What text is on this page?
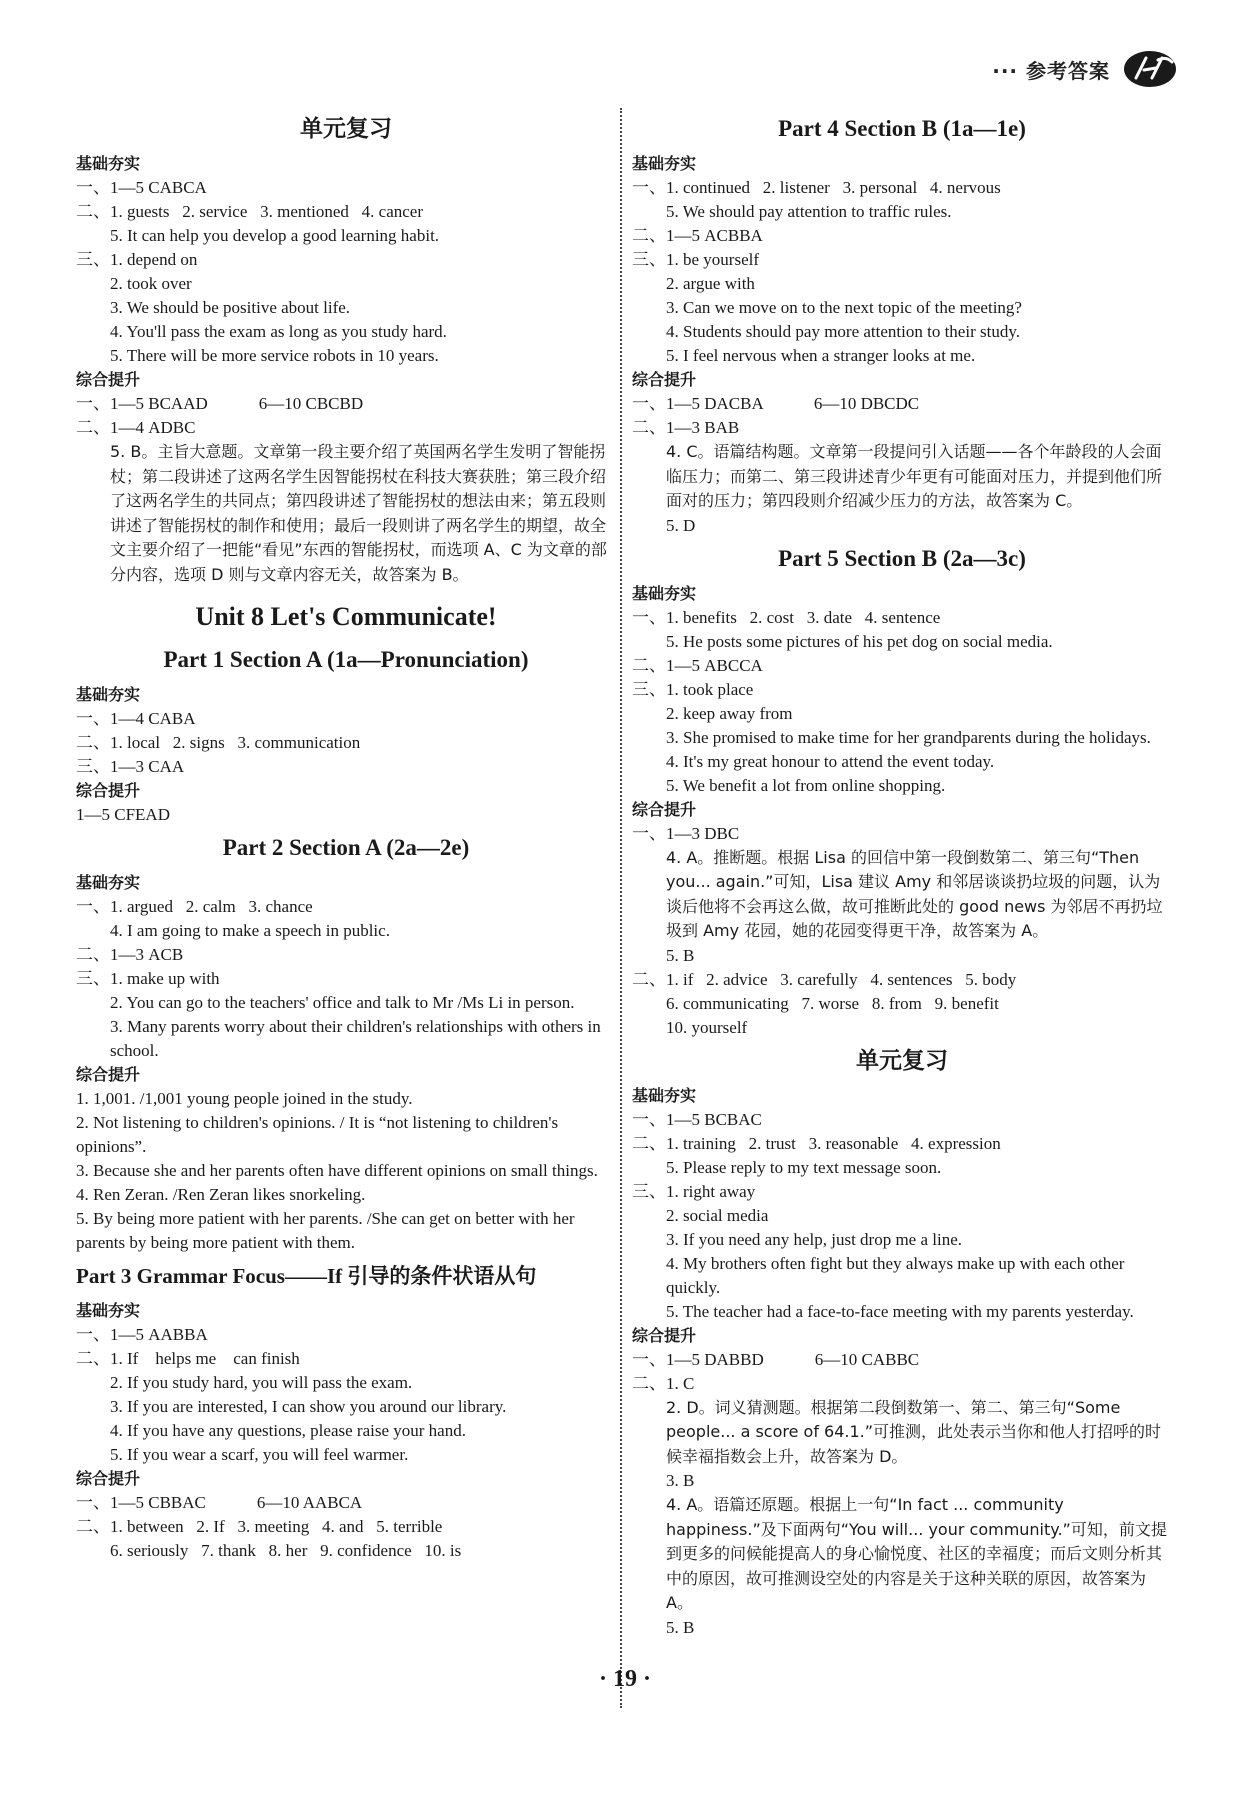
··· 参考答案
单元复习
基础夯实
一、1—5 CABCA
二、1. guests   2. service   3. mentioned   4. cancer
5. It can help you develop a good learning habit.
三、1. depend on
2. took over
3. We should be positive about life.
4. You'll pass the exam as long as you study hard.
5. There will be more service robots in 10 years.
综合提升
一、1—5 BCAAD            6—10 CBCBD
二、1—4 ADBC
5. B。主旨大意题。文章第一段主要介绍了英国两名学生发明了智能拐杖；第二段讲述了这两名学生因智能拐杖在科技大赛获胜；第三段介绍了这两名学生的共同点；第四段讲述了智能拐杖的想法由来；第五段则讲述了智能拐杖的制作和使用；最后一段则讲了两名学生的期望，故全文主要介绍了一把能“看见”东西的智能拐杖，而选项 A、C 为文章的部分内容，选项 D 则与文章内容无关，故答案为 B。
Unit 8 Let's Communicate!
Part 1 Section A (1a—Pronunciation)
基础夯实
一、1—4 CABA
二、1. local   2. signs   3. communication
三、1—3 CAA
综合提升
1—5 CFEAD
Part 2 Section A (2a—2e)
基础夯实
一、1. argued   2. calm   3. chance
4. I am going to make a speech in public.
二、1—3 ACB
三、1. make up with
2. You can go to the teachers' office and talk to Mr /Ms Li in person.
3. Many parents worry about their children's relationships with others in school.
综合提升
1. 1,001. /1,001 young people joined in the study.
2. Not listening to children's opinions. / It is “not listening to children's opinions”.
3. Because she and her parents often have different opinions on small things.
4. Ren Zeran. /Ren Zeran likes snorkeling.
5. By being more patient with her parents. /She can get on better with her parents by being more patient with them.
Part 3 Grammar Focus——If 引导的条件状语从句
基础夯实
一、1—5 AABBA
二、1. If    helps me    can finish
2. If you study hard, you will pass the exam.
3. If you are interested, I can show you around our library.
4. If you have any questions, please raise your hand.
5. If you wear a scarf, you will feel warmer.
综合提升
一、1—5 CBBAC            6—10 AABCA
二、1. between   2. If   3. meeting   4. and   5. terrible
6. seriously   7. thank   8. her   9. confidence   10. is
Part 4 Section B (1a—1e)
基础夯实
一、1. continued   2. listener   3. personal   4. nervous
5. We should pay attention to traffic rules.
二、1—5 ACBBA
三、1. be yourself
2. argue with
3. Can we move on to the next topic of the meeting?
4. Students should pay more attention to their study.
5. I feel nervous when a stranger looks at me.
综合提升
一、1—5 DACBA            6—10 DBCDC
二、1—3 BAB
4. C。语篇结构题。文章第一段提问引入话题——各个年龄段的人会面临压力；而第二、第三段讲述青少年更有可能面对压力，并提到他们所面对的压力；第四段则介绍减少压力的方法，故答案为 C。
5. D
Part 5 Section B (2a—3c)
基础夯实
一、1. benefits   2. cost   3. date   4. sentence
5. He posts some pictures of his pet dog on social media.
二、1—5 ABCCA
三、1. took place
2. keep away from
3. She promised to make time for her grandparents during the holidays.
4. It's my great honour to attend the event today.
5. We benefit a lot from online shopping.
综合提升
一、1—3 DBC
4. A。推断题。根据 Lisa 的回信中第一段倒数第二、第三句“Then you... again.”可知，Lisa 建议 Amy 和邻居谈谈扔垃圾的问题，认为谈后他将不会再这么做，故可推断此处的 good news 为邻居不再扔垃圾到 Amy 花园，她的花园变得更干净，故答案为 A。
5. B
二、1. if   2. advice   3. carefully   4. sentences   5. body
6. communicating   7. worse   8. from   9. benefit
10. yourself
单元复习
基础夯实
一、1—5 BCBAC
二、1. training   2. trust   3. reasonable   4. expression
5. Please reply to my text message soon.
三、1. right away
2. social media
3. If you need any help, just drop me a line.
4. My brothers often fight but they always make up with each other quickly.
5. The teacher had a face-to-face meeting with my parents yesterday.
综合提升
一、1—5 DABBD            6—10 CABBC
二、1. C
2. D。词义猜测题。根据第二段倒数第一、第二、第三句“Some people... a score of 64.1.”可推测，此处表示当你和他人打招呼的时候幸福指数会上升，故答案为 D。
3. B
4. A。语篇还原题。根据上一句“In fact ... community happiness.”及下面两句“You will... your community.”可知，前文提到更多的问候能提高人的身心愉悦度、社区的幸福度；而后文则分析其中的原因，故可推测设空处的内容是关于这种关联的原因，故答案为 A。
5. B
· 19 ·
